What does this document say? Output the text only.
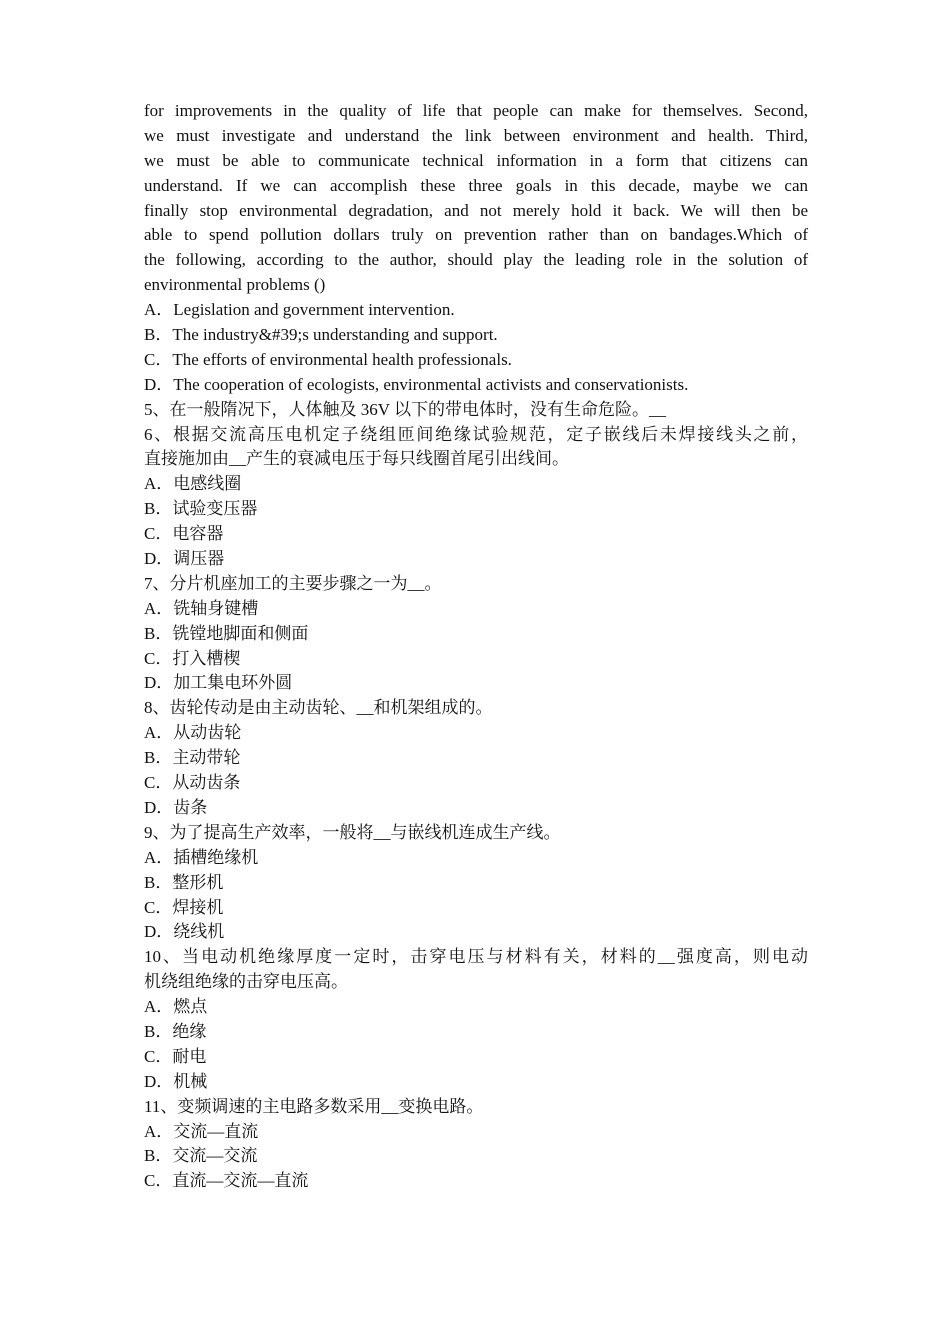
for improvements in the quality of life that people can make for themselves. Second,
we must investigate and understand the link between environment and health. Third,
we must be able to communicate technical information in a form that citizens can
understand. If we can accomplish these three goals in this decade, maybe we can
finally stop environmental degradation, and not merely hold it back. We will then be
able to spend pollution dollars truly on prevention rather than on bandages.Which of
the following, according to the author, should play the leading role in the solution of
environmental problems ()
A．Legislation and government intervention.
B．The industry&#39;s understanding and support.
C．The efforts of environmental health professionals.
D．The cooperation of ecologists, environmental activists and conservationists.
5、在一般隋况下，人体触及 36V 以下的带电体时，没有生命危险。__
6、根据交流高压电机定子绕组匝间绝缘试验规范，定子嵌线后未焊接线头之前，
直接施加由__产生的衰减电压于每只线圈首尾引出线间。
A．电感线圈
B．试验变压器
C．电容器
D．调压器
7、分片机座加工的主要步骤之一为__。
A．铣轴身键槽
B．铣镗地脚面和侧面
C．打入槽楔
D．加工集电环外圆
8、齿轮传动是由主动齿轮、__和机架组成的。
A．从动齿轮
B．主动带轮
C．从动齿条
D．齿条
9、为了提高生产效率，一般将__与嵌线机连成生产线。
A．插槽绝缘机
B．整形机
C．焊接机
D．绕线机
10、当电动机绝缘厚度一定时，击穿电压与材料有关，材料的__强度高，则电动
机绕组绝缘的击穿电压高。
A．燃点
B．绝缘
C．耐电
D．机械
11、变频调速的主电路多数采用__变换电路。
A．交流—直流
B．交流—交流
C．直流—交流—直流
